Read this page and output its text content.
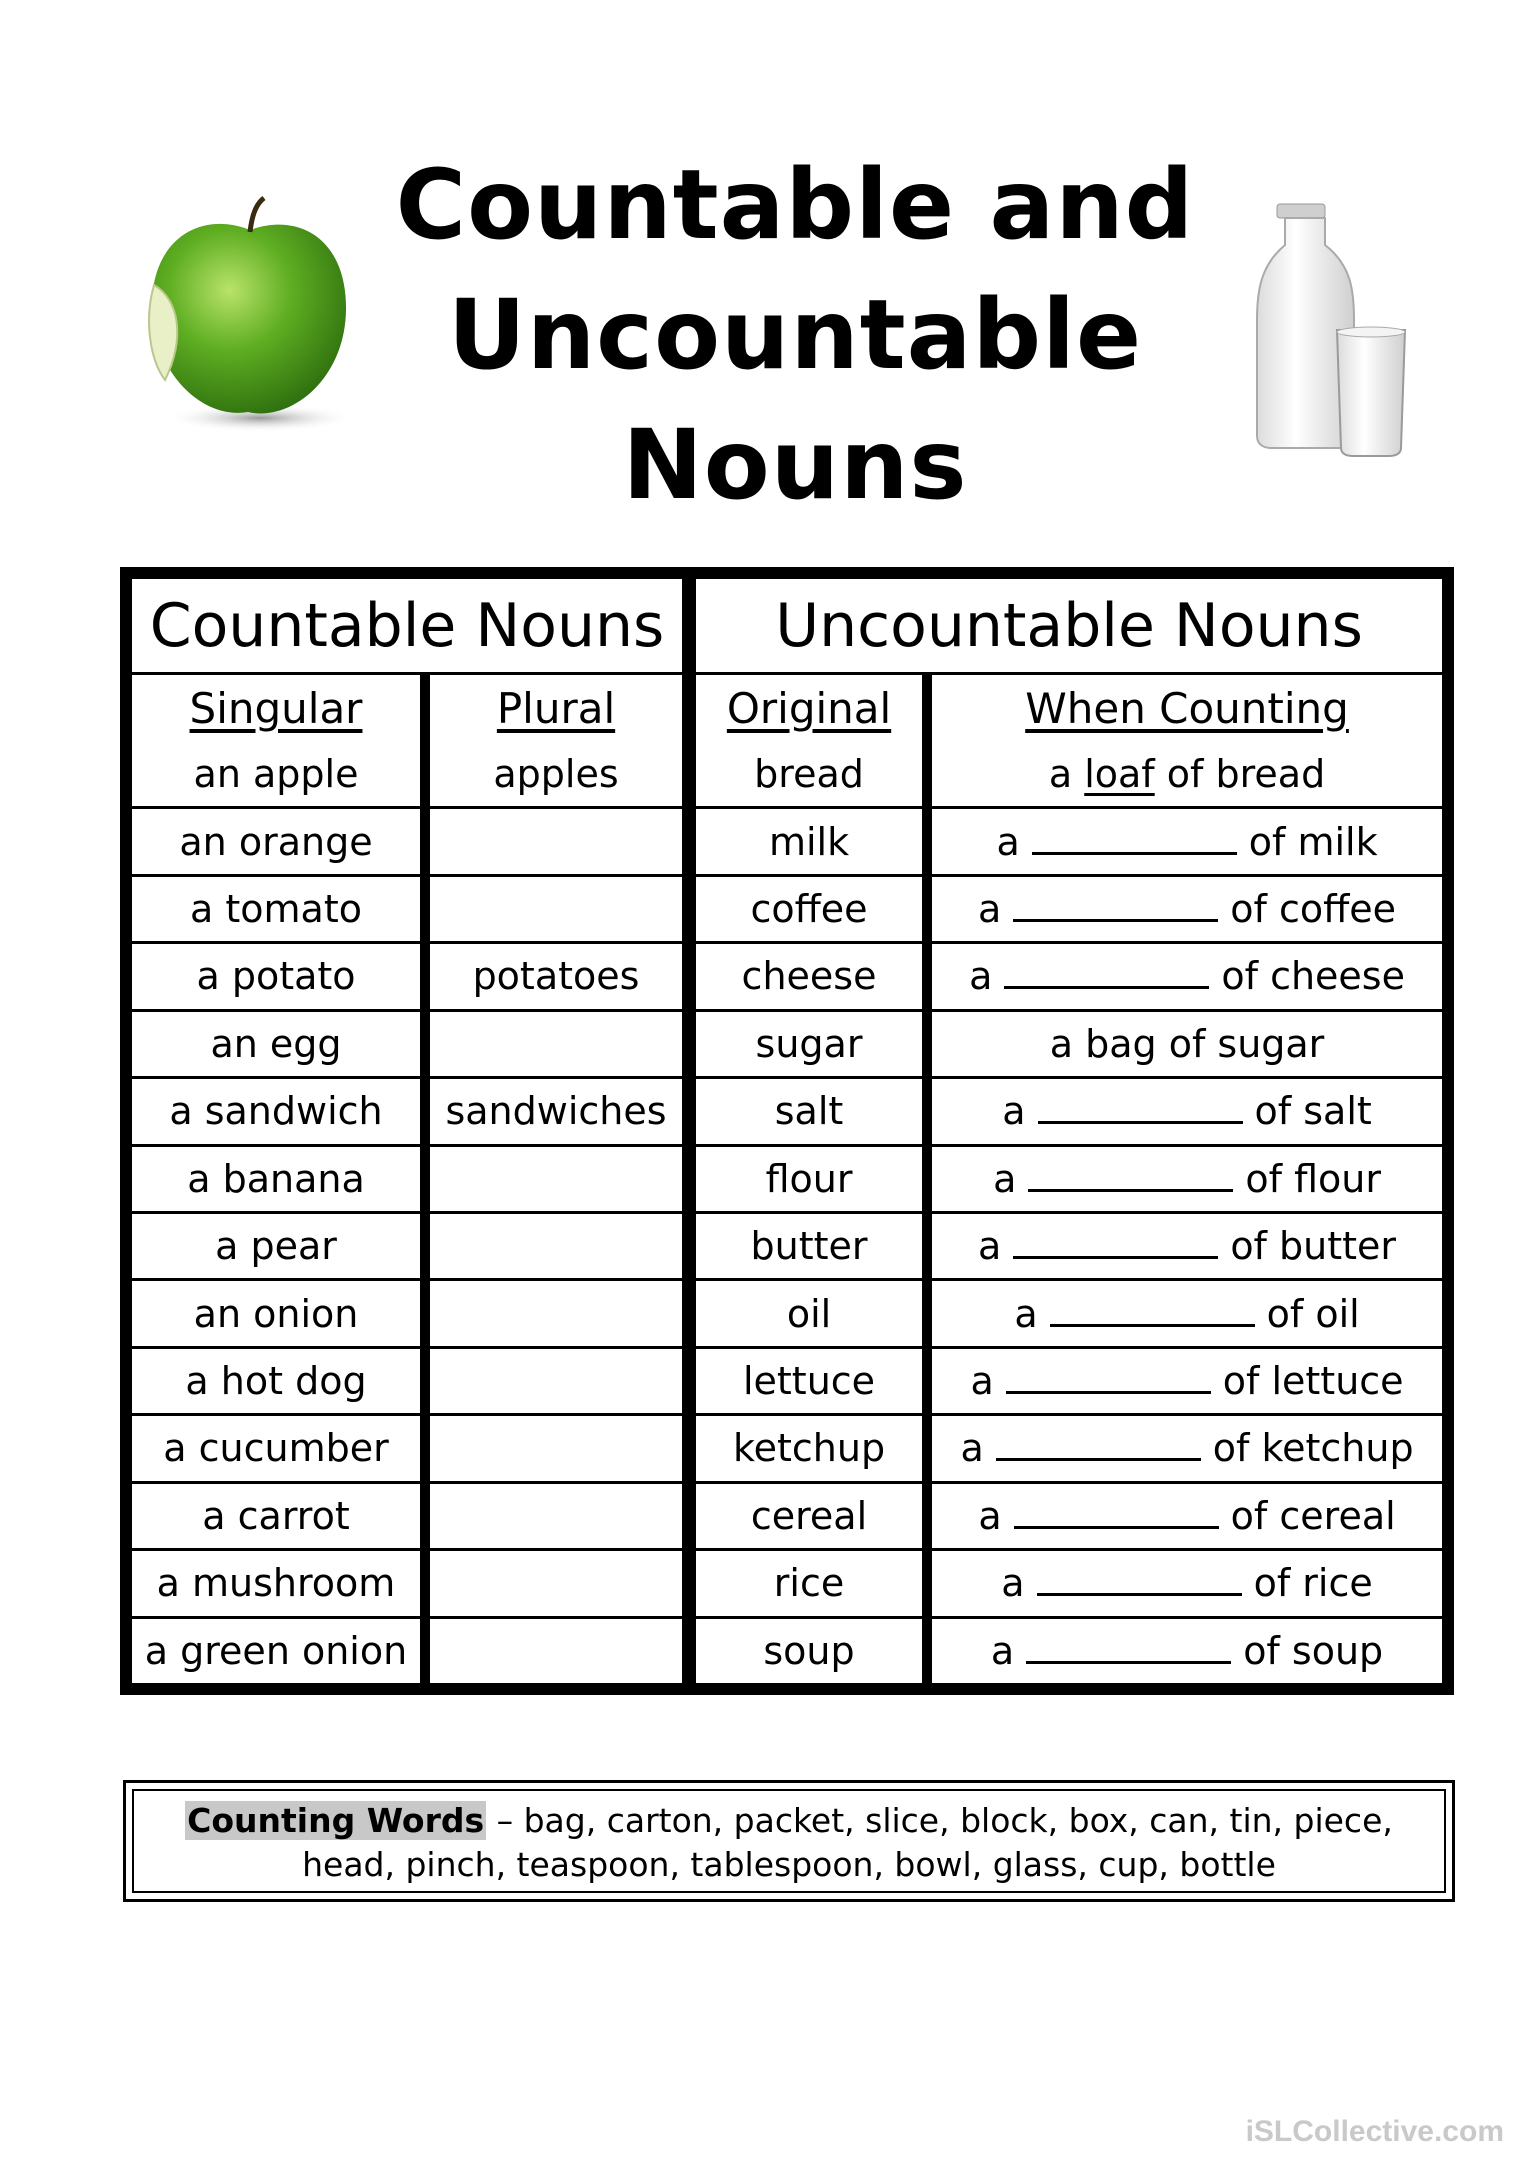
Countable and
Uncountable
Nouns
Countable Nouns		Uncountable Nouns	
Singular	Plural	Original	When Counting
an apple	apples	bread	a loaf of bread
an orange		milk	a of milk
a tomato		coffee	a of coffee
a potato	potatoes	cheese	a of cheese
an egg		sugar	a bag of sugar
a sandwich	sandwiches	salt	a of salt
a banana		flour	a of flour
a pear		butter	a of butter
an onion		oil	a of oil
a hot dog		lettuce	a of lettuce
a cucumber		ketchup	a of ketchup
a carrot		cereal	a of cereal
a mushroom		rice	a of rice
a green onion		soup	a of soup
Counting Words – bag, carton, packet, slice, block, box, can, tin, piece, head, pinch, teaspoon, tablespoon, bowl, glass, cup, bottle
iSLCollective.com
